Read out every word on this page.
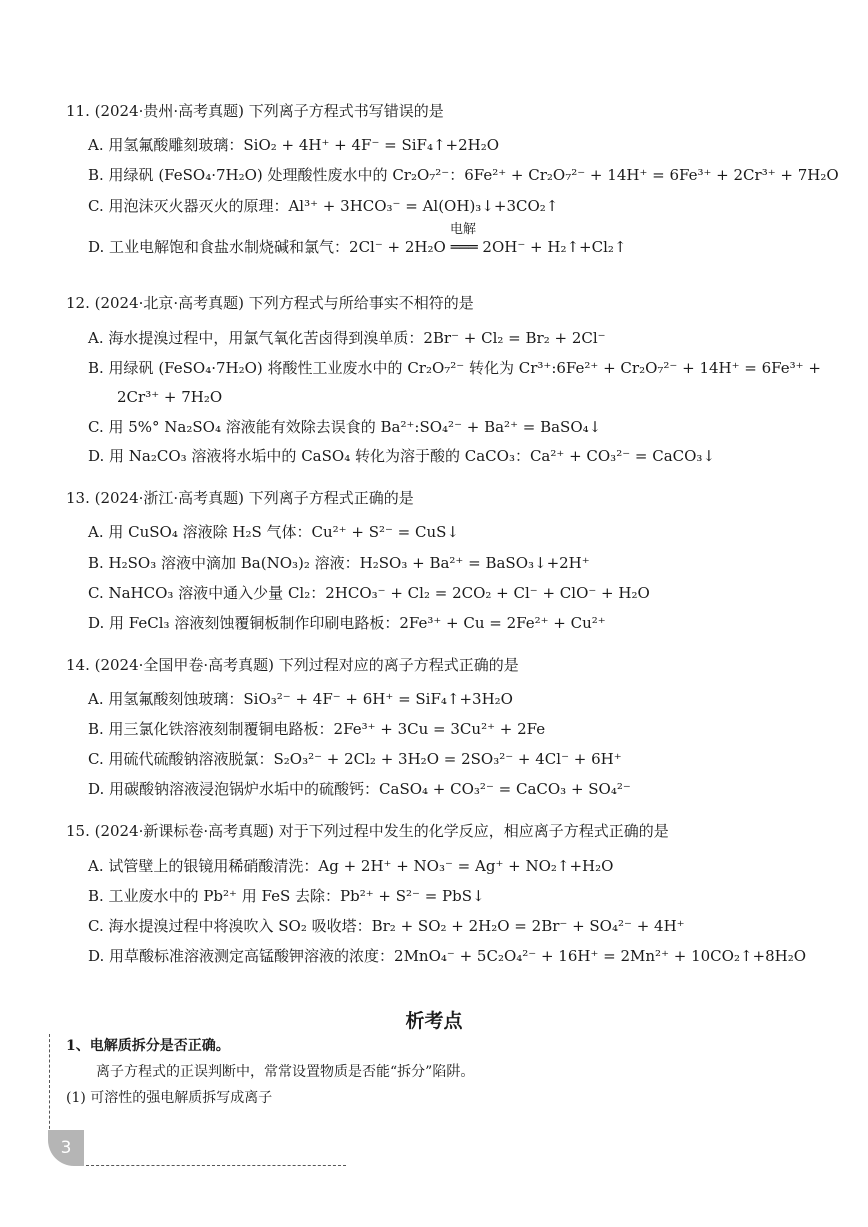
11. (2024·贵州·高考真题) 下列离子方程式书写错误的是
A. 用氢氟酸雕刻玻璃：SiO₂ + 4H⁺ + 4F⁻ = SiF₄↑+2H₂O
B. 用绿矾 (FeSO₄·7H₂O) 处理酸性废水中的 Cr₂O₇²⁻：6Fe²⁺ + Cr₂O₇²⁻ + 14H⁺ = 6Fe³⁺ + 2Cr³⁺ + 7H₂O
C. 用泡沫灭火器灭火的原理：Al³⁺ + 3HCO₃⁻ = Al(OH)₃↓+3CO₂↑
电解
D. 工业电解饱和食盐水制烧碱和氯气：2Cl⁻ + 2H₂O ═══ 2OH⁻ + H₂↑+Cl₂↑
12. (2024·北京·高考真题) 下列方程式与所给事实不相符的是
A. 海水提溴过程中，用氯气氧化苦卤得到溴单质：2Br⁻ + Cl₂ = Br₂ + 2Cl⁻
B. 用绿矾 (FeSO₄·7H₂O) 将酸性工业废水中的 Cr₂O₇²⁻ 转化为 Cr³⁺:6Fe²⁺ + Cr₂O₇²⁻ + 14H⁺ = 6Fe³⁺ +
2Cr³⁺ + 7H₂O
C. 用 5%° Na₂SO₄ 溶液能有效除去误食的 Ba²⁺:SO₄²⁻ + Ba²⁺ = BaSO₄↓
D. 用 Na₂CO₃ 溶液将水垢中的 CaSO₄ 转化为溶于酸的 CaCO₃：Ca²⁺ + CO₃²⁻ = CaCO₃↓
13. (2024·浙江·高考真题) 下列离子方程式正确的是
A. 用 CuSO₄ 溶液除 H₂S 气体：Cu²⁺ + S²⁻ = CuS↓
B. H₂SO₃ 溶液中滴加 Ba(NO₃)₂ 溶液：H₂SO₃ + Ba²⁺ = BaSO₃↓+2H⁺
C. NaHCO₃ 溶液中通入少量 Cl₂：2HCO₃⁻ + Cl₂ = 2CO₂ + Cl⁻ + ClO⁻ + H₂O
D. 用 FeCl₃ 溶液刻蚀覆铜板制作印刷电路板：2Fe³⁺ + Cu = 2Fe²⁺ + Cu²⁺
14. (2024·全国甲卷·高考真题) 下列过程对应的离子方程式正确的是
A. 用氢氟酸刻蚀玻璃：SiO₃²⁻ + 4F⁻ + 6H⁺ = SiF₄↑+3H₂O
B. 用三氯化铁溶液刻制覆铜电路板：2Fe³⁺ + 3Cu = 3Cu²⁺ + 2Fe
C. 用硫代硫酸钠溶液脱氯：S₂O₃²⁻ + 2Cl₂ + 3H₂O = 2SO₃²⁻ + 4Cl⁻ + 6H⁺
D. 用碳酸钠溶液浸泡锅炉水垢中的硫酸钙：CaSO₄ + CO₃²⁻ = CaCO₃ + SO₄²⁻
15. (2024·新课标卷·高考真题) 对于下列过程中发生的化学反应，相应离子方程式正确的是
A. 试管壁上的银镜用稀硝酸清洗：Ag + 2H⁺ + NO₃⁻ = Ag⁺ + NO₂↑+H₂O
B. 工业废水中的 Pb²⁺ 用 FeS 去除：Pb²⁺ + S²⁻ = PbS↓
C. 海水提溴过程中将溴吹入 SO₂ 吸收塔：Br₂ + SO₂ + 2H₂O = 2Br⁻ + SO₄²⁻ + 4H⁺
D. 用草酸标准溶液测定高锰酸钾溶液的浓度：2MnO₄⁻ + 5C₂O₄²⁻ + 16H⁺ = 2Mn²⁺ + 10CO₂↑+8H₂O
析考点
1、电解质拆分是否正确。
离子方程式的正误判断中，常常设置物质是否能“拆分”陷阱。
(1) 可溶性的强电解质拆写成离子
3
